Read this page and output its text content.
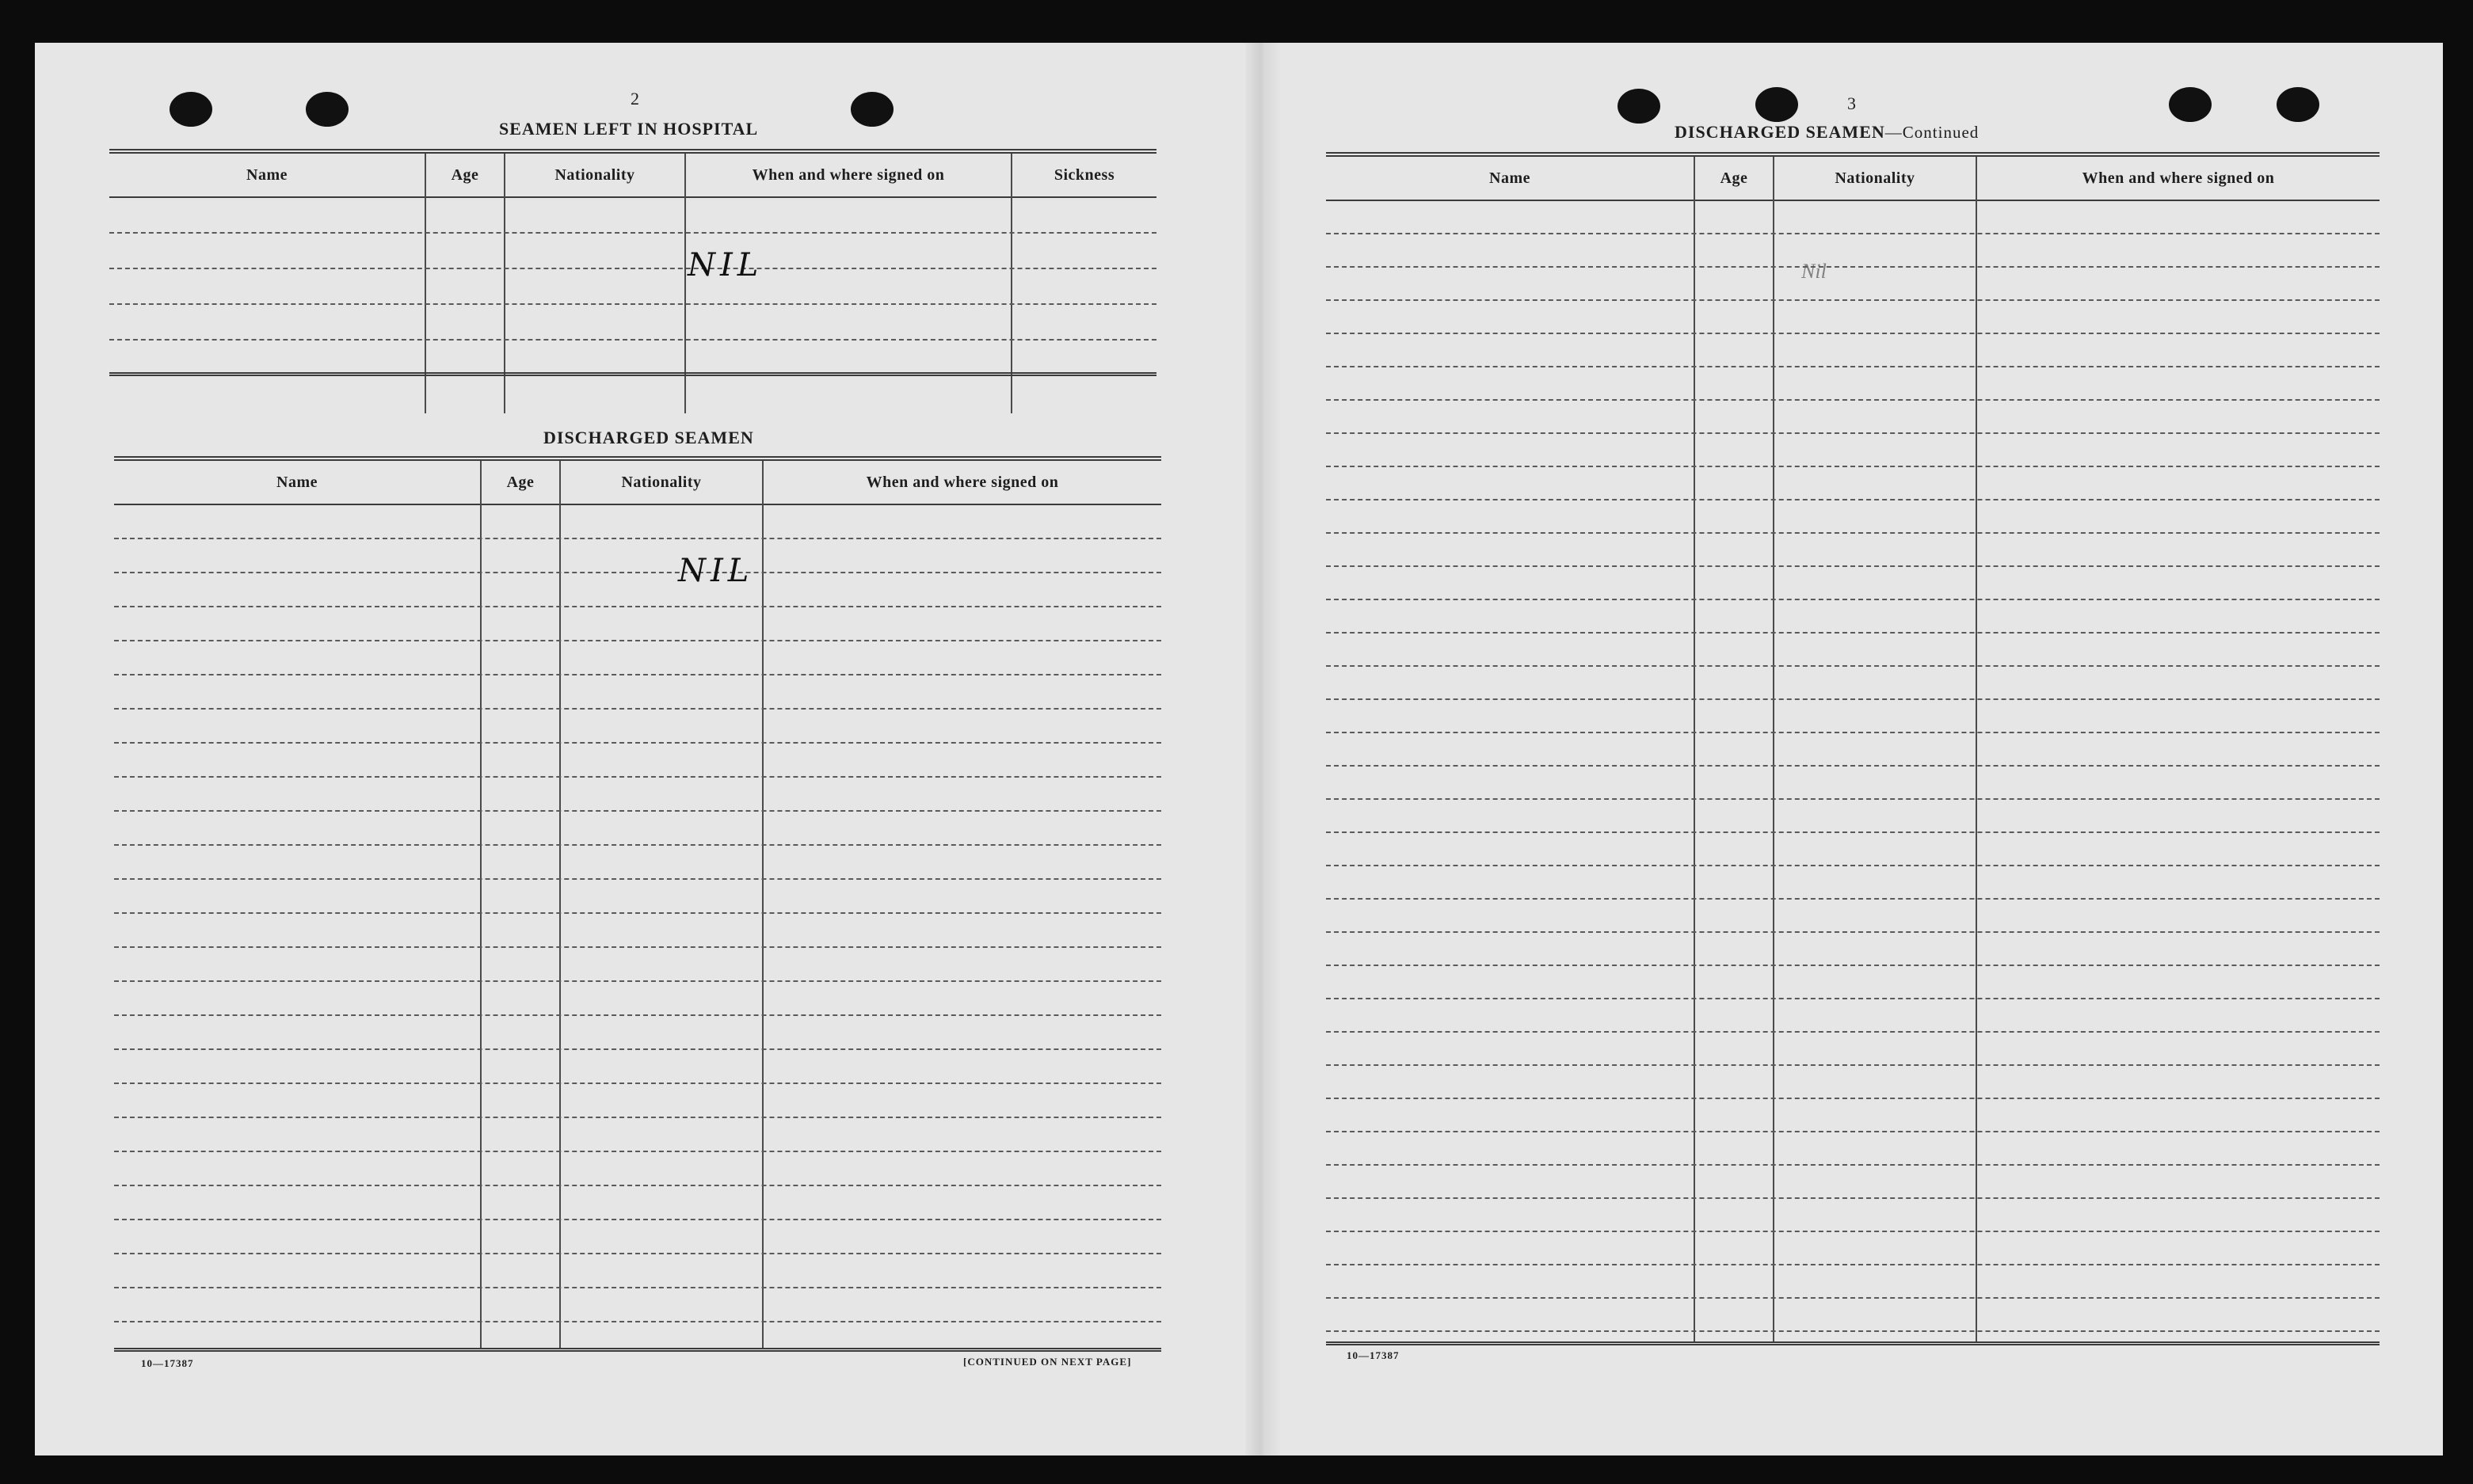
2
SEAMEN LEFT IN HOSPITAL
Name	Age	Nationality	When and where signed on	Sickness
NIL
DISCHARGED SEAMEN
Name	Age	Nationality	When and where signed on
NIL
10—17387	[CONTINUED ON NEXT PAGE]
3
DISCHARGED SEAMEN—Continued
Name	Age	Nationality	When and where signed on
Nil
10—17387
